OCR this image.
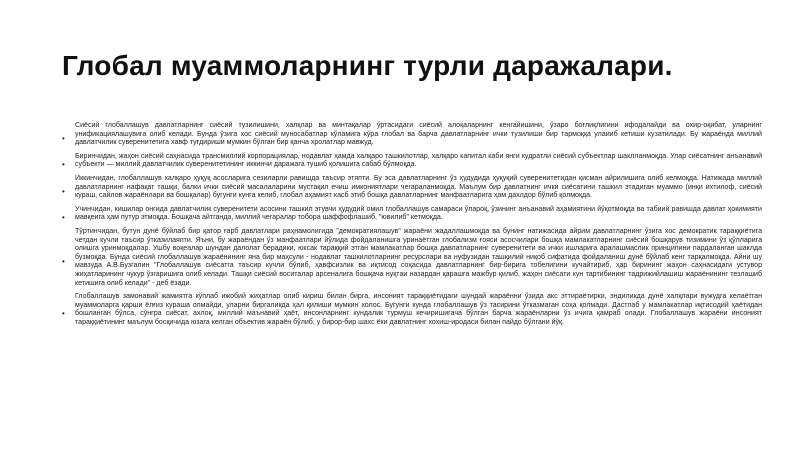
Глобал муаммоларнинг турли даражалари.

•
Сиёсий глобаллашув давлатларнинг сиёсий тузилишини, халқлар ва минтақалар ўртасидаги сиёсий алоқаларнинг кенгайишини, ўзаро боғлиқлигини ифодалайди ва охир-оқибат, уларнинг унификациялашувига олиб келади. Бунда ўзига хос сиёсий муносабатлар кўламига кўра глобал ва барча давлатларнинг ички тузилиши бир тармоққа улаииб кетиши кузатилади. Бу жараёнда миллий давлатчилик суверенитетига хавф туғдириши мумкин бўлган бир қанча хролатлар мавжуд.

•
Биринчидан, жаҳон сиёсий саҳнасида трансмиллий корпорациялар, нодавлат ҳамда халқаро ташкилотлар, халқаро капитал каби янги кудратли сиёсий субъектлар шаклланмоқда. Улар сиёсатнинг анъанавий субъекти — миллий давлатчилик суверенитетининг иккинчи даражага тушиб қолишига сабаб бўлмоқда.

•
Иккинчидан, глобаллашув халқаро ҳуқуқ асосларига сезиларли равишда таъсир этяпти. Бу эса давлатларнинг ўз ҳудудида ҳуқуқий суверенитетидан қисман айрилишига олиб келмоқда. Натижада миллий давлатларнинг нафақат ташқи, балки ички сиёсий масалаларини мустақил ечиш имкониятлари чегараланмоқда. Маълум бир давлатнинг ички сиёсатини ташкил этадиган муаммо (инқи ихтилоф, сиёсий кураш, сайлов жараёнлари ва бошқалар) бугунги кунга келиб, глобал аҳамият касб этиб бошқа давлатларнинг манфаатларига ҳам дахлдор бўлиб қолмоқда.

•
Учинчидан, кишилар онгида давлатчилик суверенитети асосини ташкил этувчи ҳудудий омил глобаллашув самараси ўлароқ, ўзининг анъанавий аҳамиятини йўқотмоқда ва табиий равишда давлат ҳокимияти мавқеига ҳам путур этмоқда. Бошқача айтганда, миллий чегаралар тобора шаффофлашиб, "ювилиб" кетмоқда.

•
Тўртинчидан, бутун дунё бўйлаб бир қатор ғарб давлатлари раҳнамолигида "демократиялашув" жараёни жадаллашмоқда ва бунинг натижасида айрим давлатларнинг ўзига хос демократик тараққиётига четдан кучли таъсир ўтказилаяпти. Яъни, бу жараёндан ўз манфаатлари йўлида фойдаланишга уринаётган глобализм ғояси асосчилари бошқа мамлакатларнинг сиёсий бошқарув тизимини ўз қўлларига олишга уринмоқдалар. Ушбу воқеалар шундан далолат берадики, юксак тараққий этган мамлакатлар бошқа давлатларнинг суверенитети ва ички ишларига аралашмаслик принципини пардаланган шаклда бузмоқда. Бунда сиёсий глобаллашув жараёнининг яна бир маҳсули - нодавлат ташкилотларнинг ресурслари ва нуфузидан ташқилий ниқоб сифатида фойдаланиш дунё бўйлаб кенг тарқалмоқда. Айни шу мавзуда А.В.Бузгалин "Глобаллашув сиёсатга таъсир кучли бўлиб, ҳавфсизлик ва иқтисод соҳасида давлатларнинг бир-бирига тобелигини кучайтириб, ҳар бирининг жаҳон саҳнасидаги устувор жиҳатларининг чукур ўзгаришига олиб келади. Ташқи сиёсий воситалар арсеналига бошқача нуқтаи назардан қарашга мажбур қилиб, жаҳон сиёсати кун тартибининг тадрижийлашиш жараёнининг тезлашиб кетишига олиб келади" - деб ёзади.

•
Глобаллашув замонавий жамиятга кўплаб ижобий жиҳатлар олиб кириш билан бирга, инсоният тараққиётидаги шундай жараённи ўзида акс эттираётирки, эндиликда дунё халқлари вужудга келаётган муаммоларга қарши ёлғиз кураша олмайди, уларни биргаликда ҳал қилиши мумкин холос. Бугунги кунда глобаллашув ўз тасирини ўтказмаган соҳа қолмади. Дастлаб у мамлакатлар иқтисодий ҳаётидан бошланган бўлса, сўнгра сиёсат, ахлоқ, миллий маънавий ҳаёт, инсонларнинг кундалик турмуш кечиришигача бўлган барча жараёнларни ўз ичига қамраб олади. Глобаллашув жараёни инсоният тараққиётининг маълум босқичида юзага келган объектив жараён бўлиб, у бирор-бир шахс ёки давлатнинг хохиш-иродаси билан пайдо бўлгани йўқ.
